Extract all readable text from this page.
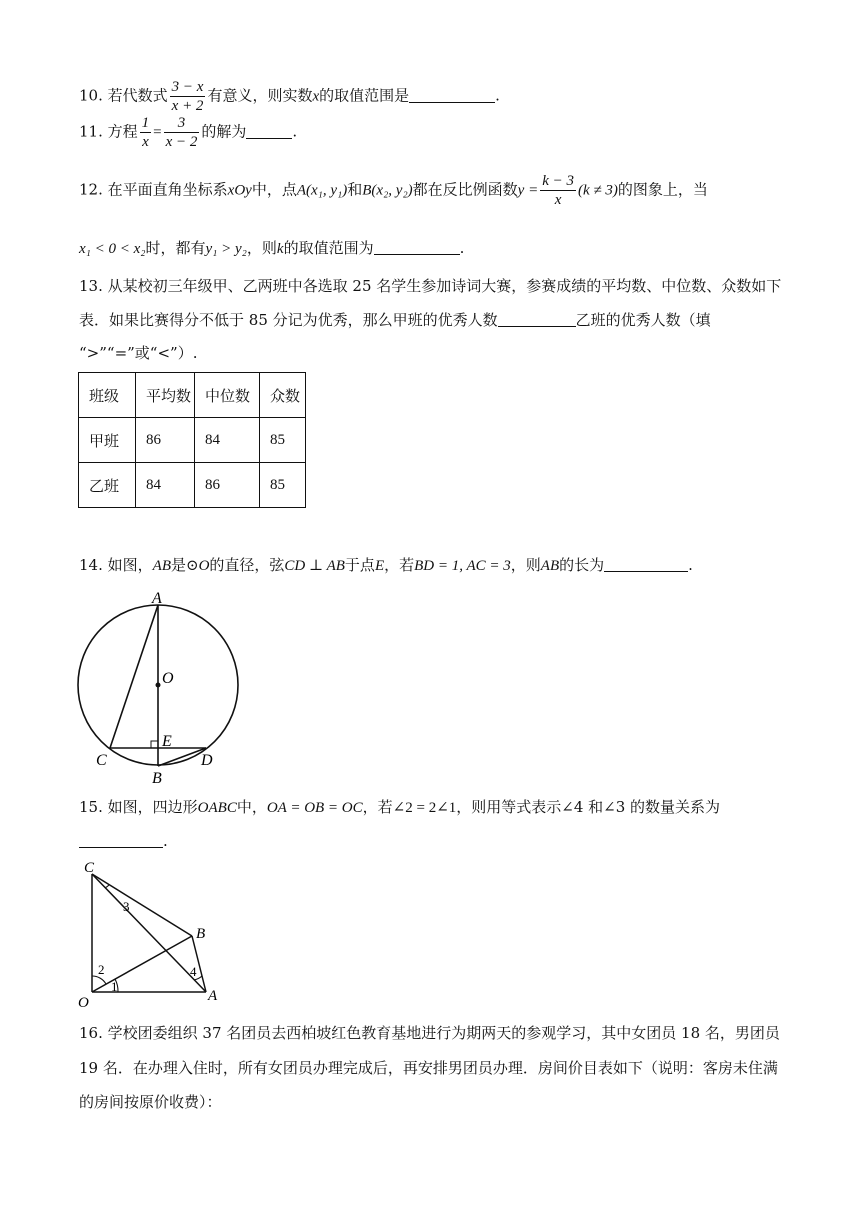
10. 若代数式 $\frac{3 - x}{x + 2}$ 有意义，则实数x的取值范围是	.
11. 方程 $\frac{1}{x} = \frac{3}{x - 2}$ 的解为	.
12. 在平面直角坐标系xOy中，点A(x₁, y₁)和B(x₂, y₂)都在反比例函数$y = \frac{k - 3}{x} (k \ne 3)$的图象上，当
x₁ < 0 < x₂时，都有y₁ > y₂，则k的取值范围为	.
13. 从某校初三年级甲、乙两班中各选取 25 名学生参加诗词大赛，参赛成绩的平均数、中位数、众数如下
表．如果比赛得分不低于 85 分记为优秀，那么甲班的优秀人数	乙班的优秀人数（填
“>”“=”或“<”）.
班级	平均数	中位数	众数
甲班	86	84	85
乙班	84	86	85
14. 如图，AB是⊙O的直径，弦CD ⊥ AB于点E，若BD = 1, AC = 3，则AB的长为	.
A
O
E
C
B
D
15. 如图，四边形OABC中，OA = OB = OC，若∠2 = 2∠1，则用等式表示∠4 和∠3 的数量关系为
.
C
B
O	A
1
2
3
4
16. 学校团委组织 37 名团员去西柏坡红色教育基地进行为期两天的参观学习，其中女团员 18 名，男团员
19 名．在办理入住时，所有女团员办理完成后，再安排男团员办理．房间价目表如下（说明：客房未住满
的房间按原价收费）：
